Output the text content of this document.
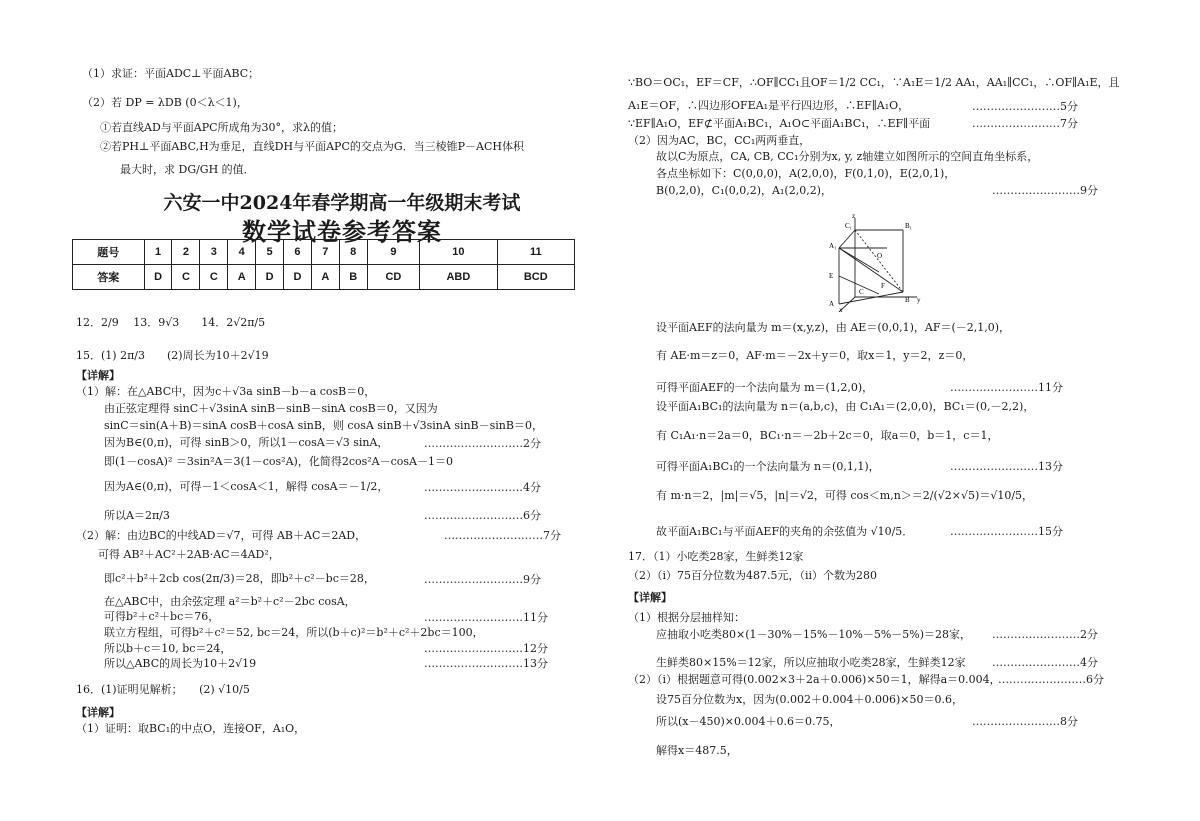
（1）求证：平面ADC⊥平面ABC；
（2）若 DP = λDB (0＜λ＜1)，
①若直线AD与平面APC所成角为30°，求λ的值；
②若PH⊥平面ABC,H为垂足，直线DH与平面APC的交点为G．当三棱锥P－ACH体积
最大时，求 DG/GH 的值．
六安一中2024年春学期高一年级期末考试
数学试卷参考答案
题号	1	2	3	4	5	6	7	8	9	10	11
答案	D	C	C	A	D	D	A	B	CD	ABD	BCD
12．2/9　 13．9√3　　14．2√2π/5
15．(1) 2π/3　　(2)周长为10＋2√19
【详解】
（1）解：在△ABC中，因为c＋√3a sinB－b－a cosB＝0，
由正弦定理得 sinC＋√3sinA sinB－sinB－sinA cosB＝0，又因为
sinC＝sin(A＋B)＝sinA cosB＋cosA sinB，则 cosA sinB＋√3sinA sinB－sinB＝0，
因为B∈(0,π)，可得 sinB＞0，所以1－cosA＝√3 sinA，	………………………2分
即(1－cosA)² ＝3sin²A＝3(1－cos²A)，化简得2cos²A－cosA－1＝0
因为A∈(0,π)，可得－1＜cosA＜1，解得 cosA＝－1/2，	………………………4分
所以A＝2π/3	………………………6分
（2）解：由边BC的中线AD＝√7，可得 AB＋AC＝2AD，	………………………7分
可得 AB²＋AC²＋2AB·AC＝4AD²，
即c²＋b²＋2cb cos(2π/3)＝28，即b²＋c²－bc＝28，	………………………9分
在△ABC中，由余弦定理 a²＝b²＋c²－2bc cosA，
可得b²＋c²＋bc＝76，	………………………11分
联立方程组，可得b²＋c²＝52, bc＝24，所以(b＋c)²＝b²＋c²＋2bc＝100，
所以b＋c＝10, bc＝24，	………………………12分
所以△ABC的周长为10＋2√19	………………………13分
16．(1)证明见解析；　　(2) √10/5
【详解】
（1）证明：取BC₁的中点O，连接OF，A₁O，
∵BO＝OC₁，EF＝CF，∴OF∥CC₁且OF＝1/2 CC₁，∵A₁E＝1/2 AA₁，AA₁∥CC₁，∴OF∥A₁E，且
A₁E＝OF，∴四边形OFEA₁是平行四边形，∴EF∥A₁O，	……………………5分
∵EF∥A₁O，EF⊄平面A₁BC₁，A₁O⊂平面A₁BC₁，∴EF∥平面	……………………7分
（2）因为AC，BC，CC₁两两垂直，
故以C为原点，CA, CB, CC₁分别为x, y, z轴建立如图所示的空间直角坐标系，
各点坐标如下：C(0,0,0)，A(2,0,0)，F(0,1,0)，E(2,0,1)，
B(0,2,0)，C₁(0,0,2)，A₁(2,0,2)，	……………………9分
z
C₁	B₁
A₁
O
E
F
C
B y
A
x
设平面AEF的法向量为 m＝(x,y,z)，由 AE＝(0,0,1)，AF＝(－2,1,0)，
有 AE·m＝z＝0，AF·m＝－2x＋y＝0，取x＝1，y＝2，z＝0，
可得平面AEF的一个法向量为 m＝(1,2,0)，	……………………11分
设平面A₁BC₁的法向量为 n＝(a,b,c)，由 C₁A₁＝(2,0,0)，BC₁＝(0,－2,2)，
有 C₁A₁·n＝2a＝0，BC₁·n＝－2b＋2c＝0，取a＝0，b＝1，c＝1，
可得平面A₁BC₁的一个法向量为 n＝(0,1,1)，	……………………13分
有 m·n＝2，|m|＝√5，|n|＝√2，可得 cos＜m,n＞＝2/(√2×√5)＝√10/5，
故平面A₁BC₁与平面AEF的夹角的余弦值为 √10/5．	……………………15分
17．（1）小吃类28家，生鲜类12家
（2）（i）75百分位数为487.5元，（ii）个数为280
【详解】
（1）根据分层抽样知：
应抽取小吃类80×(1－30%－15%－10%－5%－5%)＝28家， ……………………2分
生鲜类80×15%＝12家，所以应抽取小吃类28家，生鲜类12家 ……………………4分
（2）（i）根据题意可得(0.002×3＋2a＋0.006)×50＝1，解得a＝0.004，
……………………6分
设75百分位数为x，因为(0.002＋0.004＋0.006)×50＝0.6，
所以(x－450)×0.004＋0.6＝0.75，	……………………8分
解得x＝487.5，
